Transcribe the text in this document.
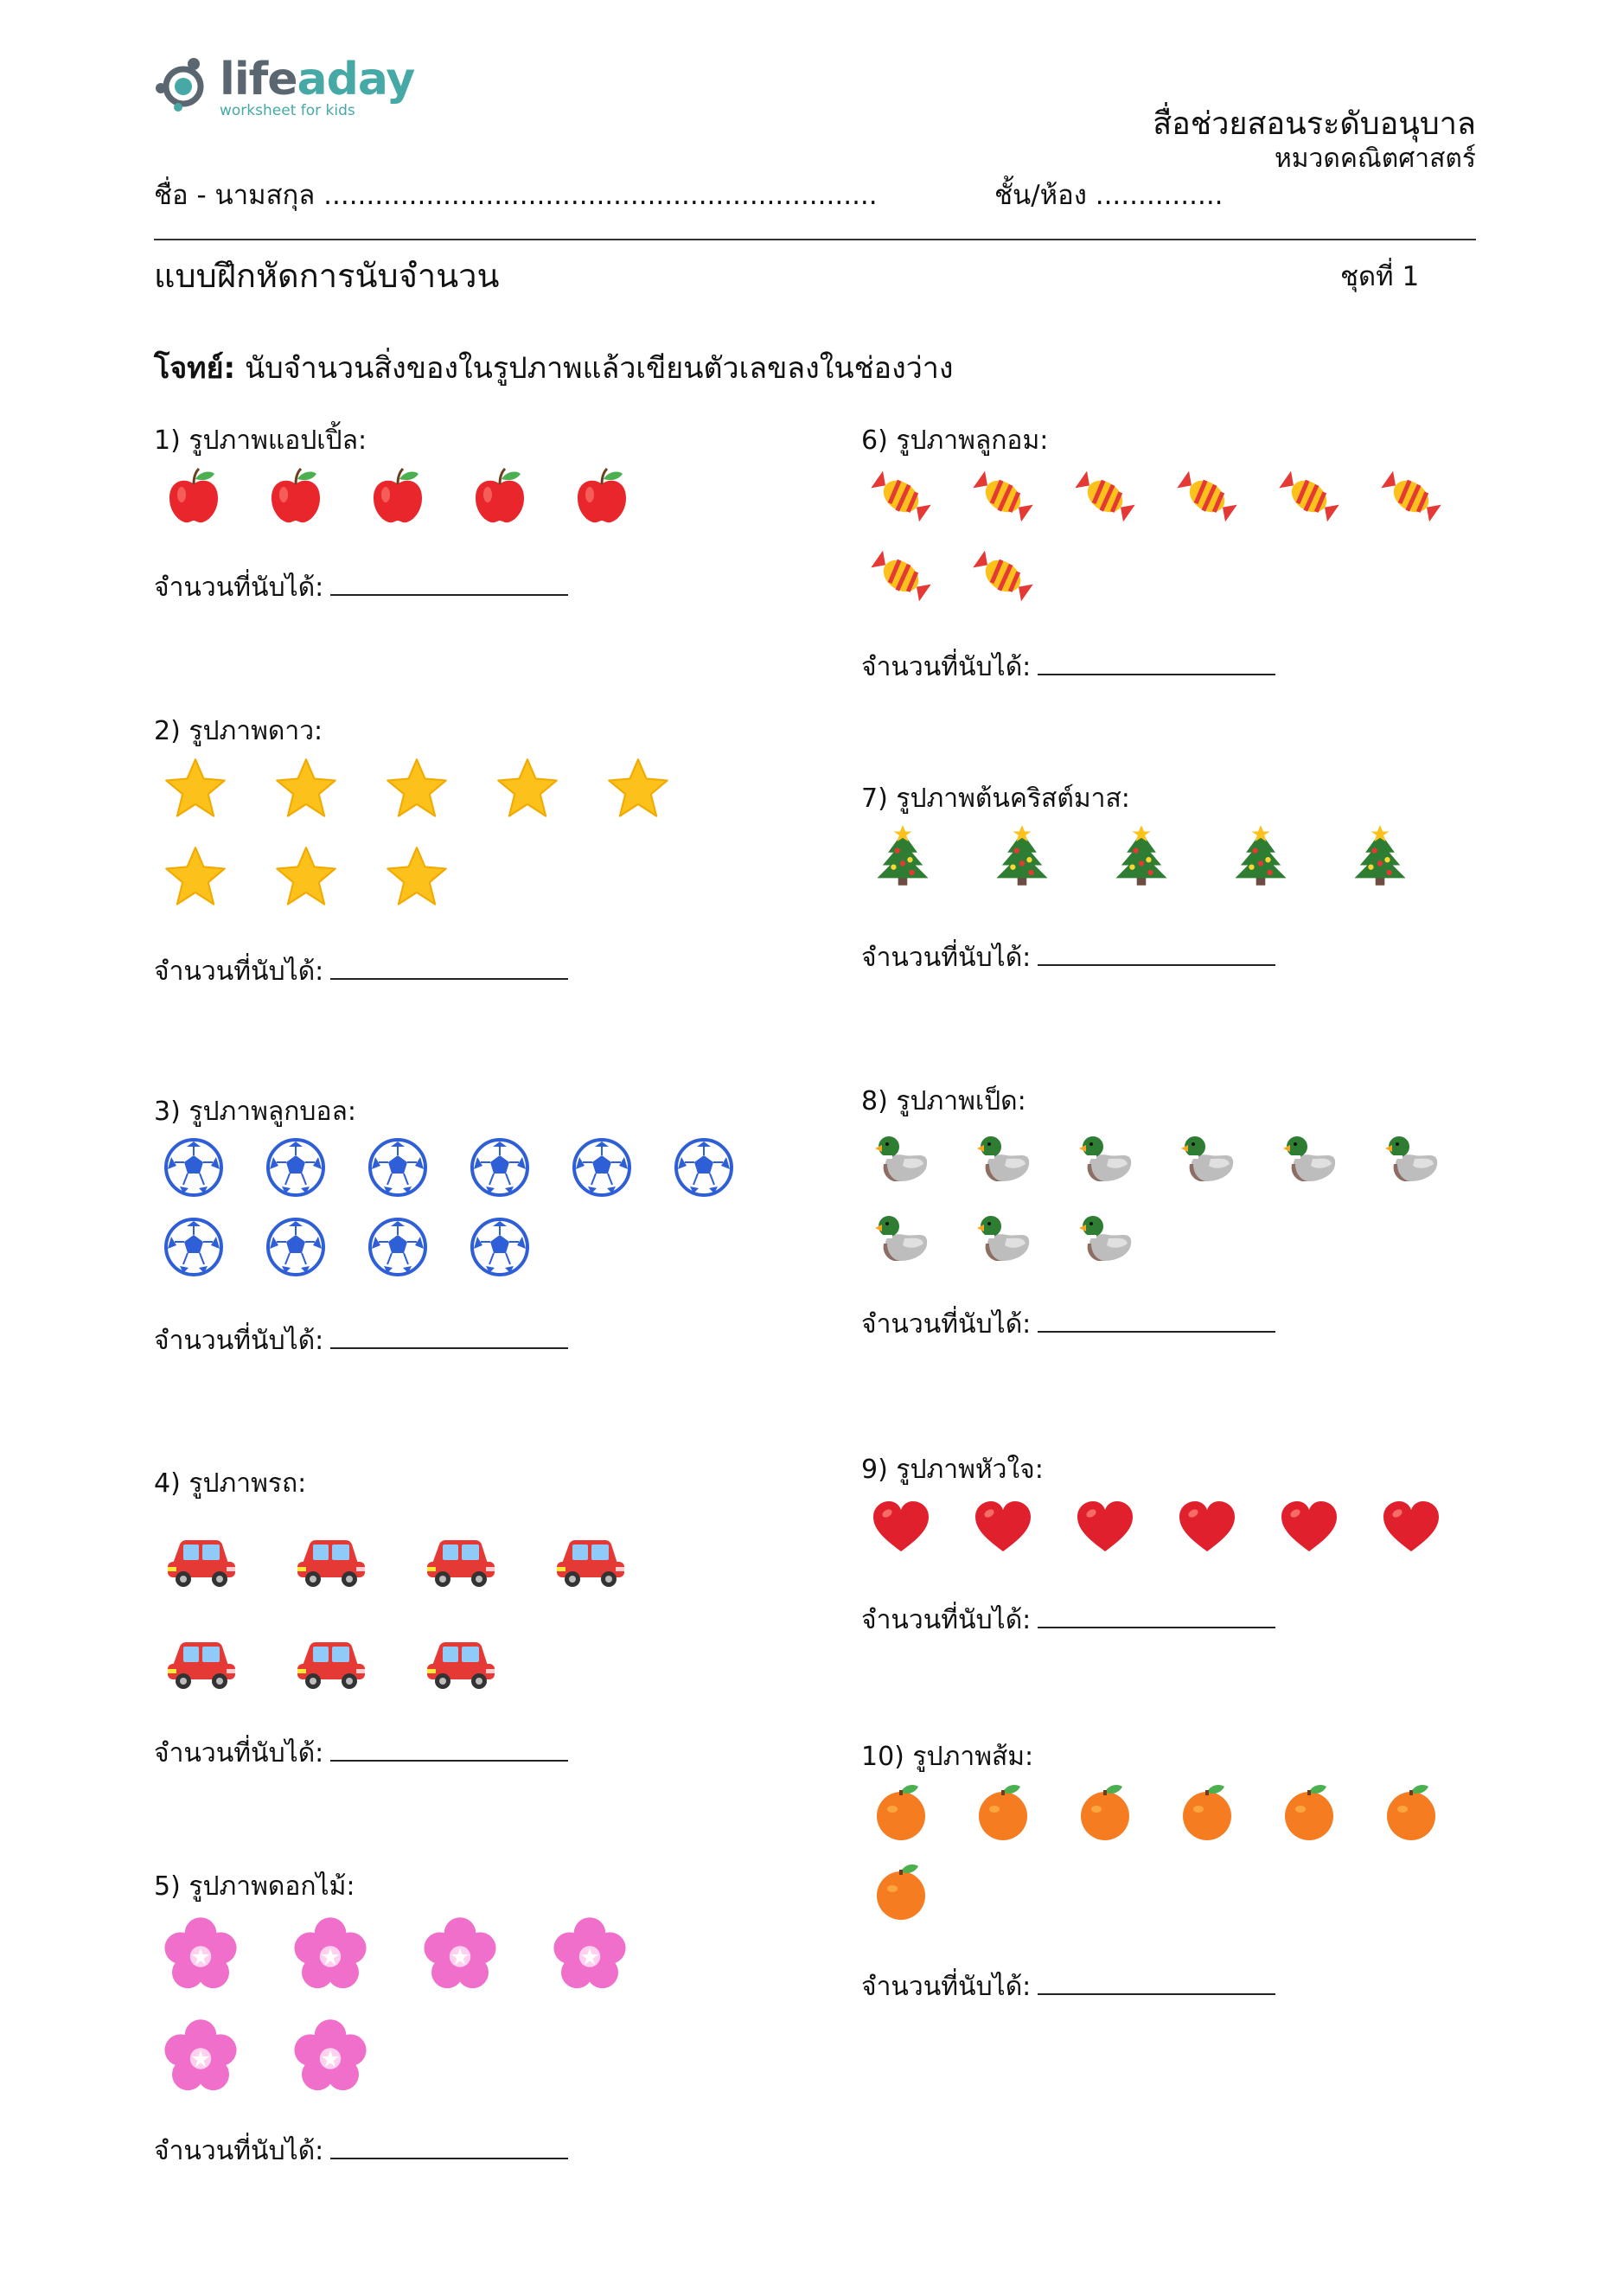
lifeaday
worksheet for kids	สื่อช่วยสอนระดับอนุบาล
หมวดคณิตศาสตร์
ชื่อ - นามสกุล .................................................................	ชั้น/ห้อง ...............
แบบฝึกหัดการนับจำนวน	ชุดที่ 1
โจทย์: นับจำนวนสิ่งของในรูปภาพแล้วเขียนตัวเลขลงในช่องว่าง
1) รูปภาพแอปเปิ้ล:
จำนวนที่นับได้:
2) รูปภาพดาว:
จำนวนที่นับได้:
3) รูปภาพลูกบอล:
จำนวนที่นับได้:
4) รูปภาพรถ:
จำนวนที่นับได้:
5) รูปภาพดอกไม้:
จำนวนที่นับได้:
6) รูปภาพลูกอม:
จำนวนที่นับได้:
7) รูปภาพต้นคริสต์มาส:
จำนวนที่นับได้:
8) รูปภาพเป็ด:
จำนวนที่นับได้:
9) รูปภาพหัวใจ:
จำนวนที่นับได้:
10) รูปภาพส้ม:
จำนวนที่นับได้:
